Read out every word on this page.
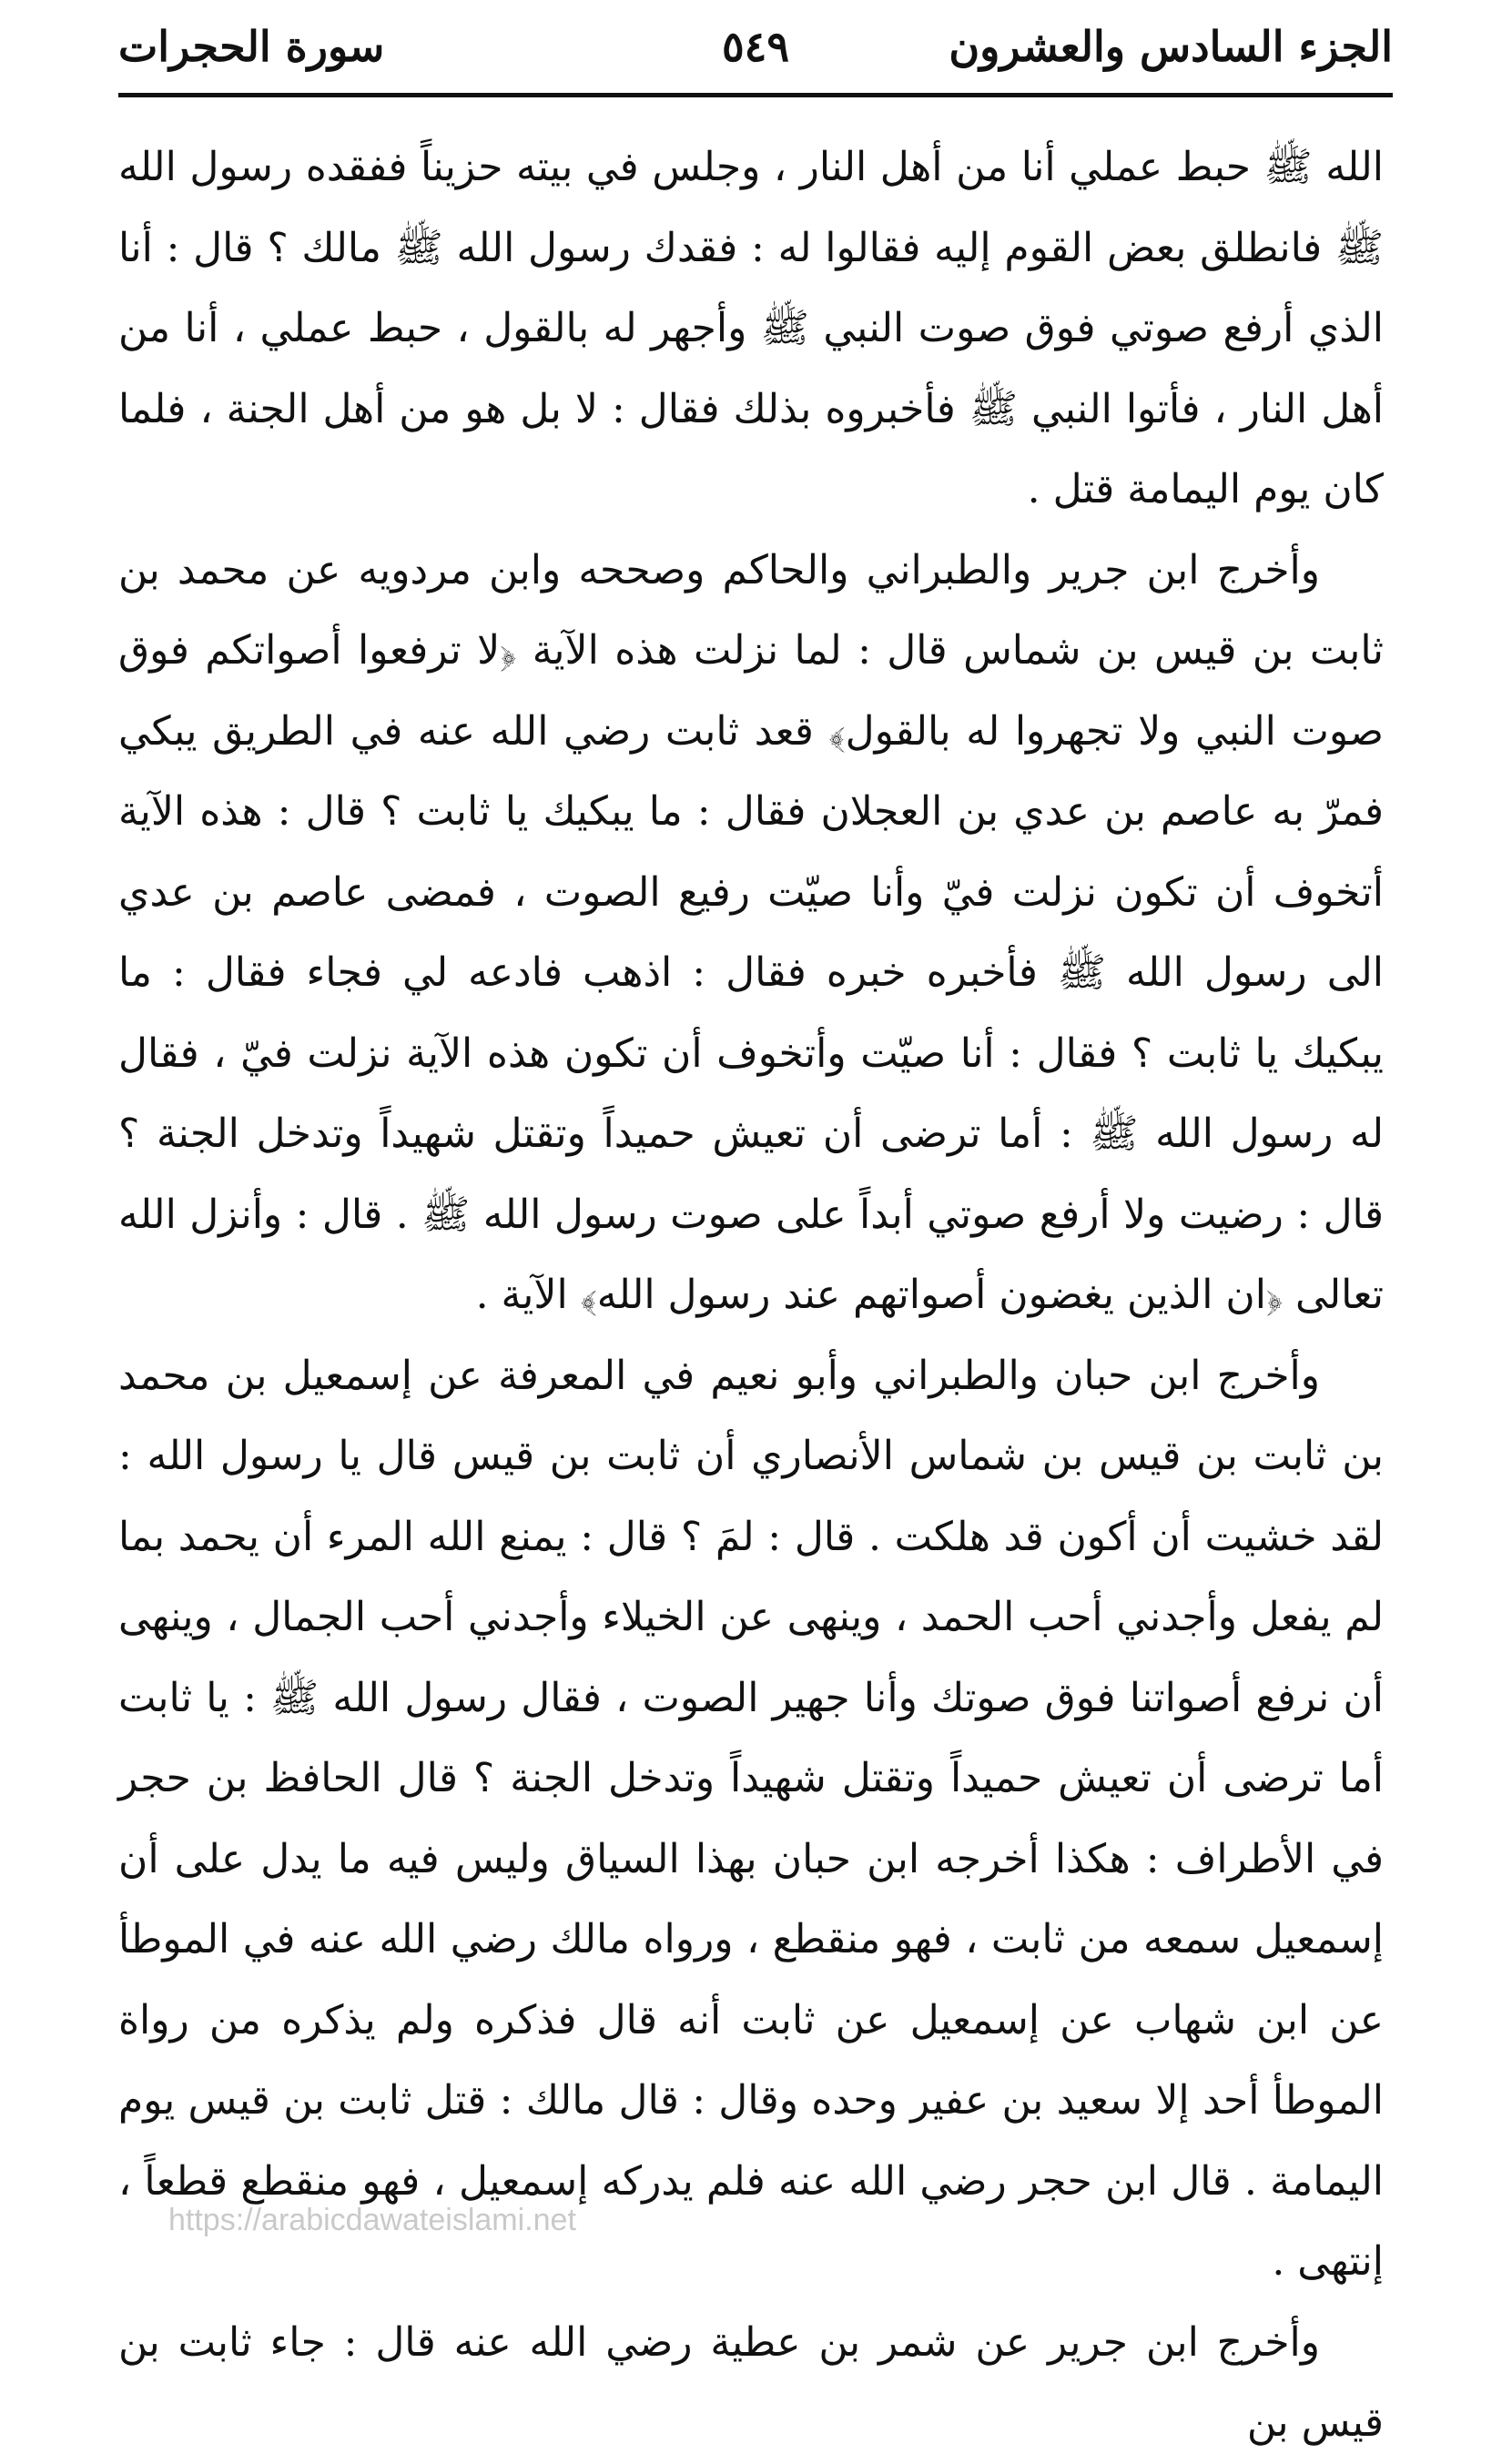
الجزء السادس والعشرون
سورة الحجرات	٥٤٩

الله ﷺ حبط عملي أنا من أهل النار ، وجلس في بيته حزيناً ففقده رسول الله ﷺ فانطلق بعض القوم إليه فقالوا له : فقدك رسول الله ﷺ مالك ؟ قال : أنا الذي أرفع صوتي فوق صوت النبي ﷺ وأجهر له بالقول ، حبط عملي ، أنا من أهل النار ، فأتوا النبي ﷺ فأخبروه بذلك فقال : لا بل هو من أهل الجنة ، فلما كان يوم اليمامة قتل .

وأخرج ابن جرير والطبراني والحاكم وصححه وابن مردويه عن محمد بن ثابت بن قيس بن شماس قال : لما نزلت هذه الآية ﴿لا ترفعوا أصواتكم فوق صوت النبي ولا تجهروا له بالقول﴾ قعد ثابت رضي الله عنه في الطريق يبكي فمرّ به عاصم بن عدي بن العجلان فقال : ما يبكيك يا ثابت ؟ قال : هذه الآية أتخوف أن تكون نزلت فيّ وأنا صيّت رفيع الصوت ، فمضى عاصم بن عدي الى رسول الله ﷺ فأخبره خبره فقال : اذهب فادعه لي فجاء فقال : ما يبكيك يا ثابت ؟ فقال : أنا صيّت وأتخوف أن تكون هذه الآية نزلت فيّ ، فقال له رسول الله ﷺ : أما ترضى أن تعيش حميداً وتقتل شهيداً وتدخل الجنة ؟ قال : رضيت ولا أرفع صوتي أبداً على صوت رسول الله ﷺ . قال : وأنزل الله تعالى ﴿ان الذين يغضون أصواتهم عند رسول الله﴾ الآية .

وأخرج ابن حبان والطبراني وأبو نعيم في المعرفة عن إسمعيل بن محمد بن ثابت بن قيس بن شماس الأنصاري أن ثابت بن قيس قال يا رسول الله : لقد خشيت أن أكون قد هلكت . قال : لمَ ؟ قال : يمنع الله المرء أن يحمد بما لم يفعل وأجدني أحب الحمد ، وينهى عن الخيلاء وأجدني أحب الجمال ، وينهى أن نرفع أصواتنا فوق صوتك وأنا جهير الصوت ، فقال رسول الله ﷺ : يا ثابت أما ترضى أن تعيش حميداً وتقتل شهيداً وتدخل الجنة ؟ قال الحافظ بن حجر في الأطراف : هكذا أخرجه ابن حبان بهذا السياق وليس فيه ما يدل على أن إسمعيل سمعه من ثابت ، فهو منقطع ، ورواه مالك رضي الله عنه في الموطأ عن ابن شهاب عن إسمعيل عن ثابت أنه قال فذكره ولم يذكره من رواة الموطأ أحد إلا سعيد بن عفير وحده وقال : قال مالك : قتل ثابت بن قيس يوم اليمامة . قال ابن حجر رضي الله عنه فلم يدركه إسمعيل ، فهو منقطع قطعاً ، إنتهى .

وأخرج ابن جرير عن شمر بن عطية رضي الله عنه قال : جاء ثابت بن قيس بن

https://arabicdawateislami.net
